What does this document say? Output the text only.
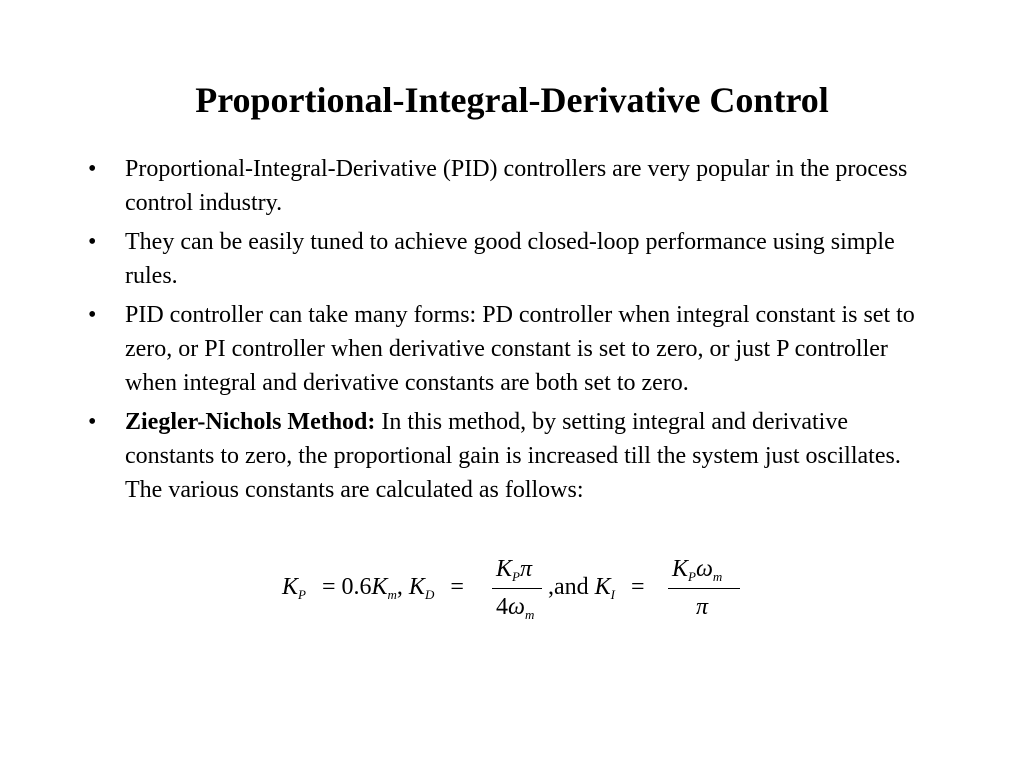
Proportional-Integral-Derivative Control
• Proportional-Integral-Derivative (PID) controllers are very popular in the process control industry.
• They can be easily tuned to achieve good closed-loop performance using simple rules.
• PID controller can take many forms: PD controller when integral constant is set to zero, or PI controller when derivative constant is set to zero, or just P controller when integral and derivative constants are both set to zero.
• Ziegler-Nichols Method: In this method, by setting integral and derivative constants to zero, the proportional gain is increased till the system just oscillates. The various constants are calculated as follows:
$K_P = 0.6K_m$, $K_D$ =
$K_P\pi$
$4\omega_m$
,and $K_I$ =
$K_P\omega_m$
π
